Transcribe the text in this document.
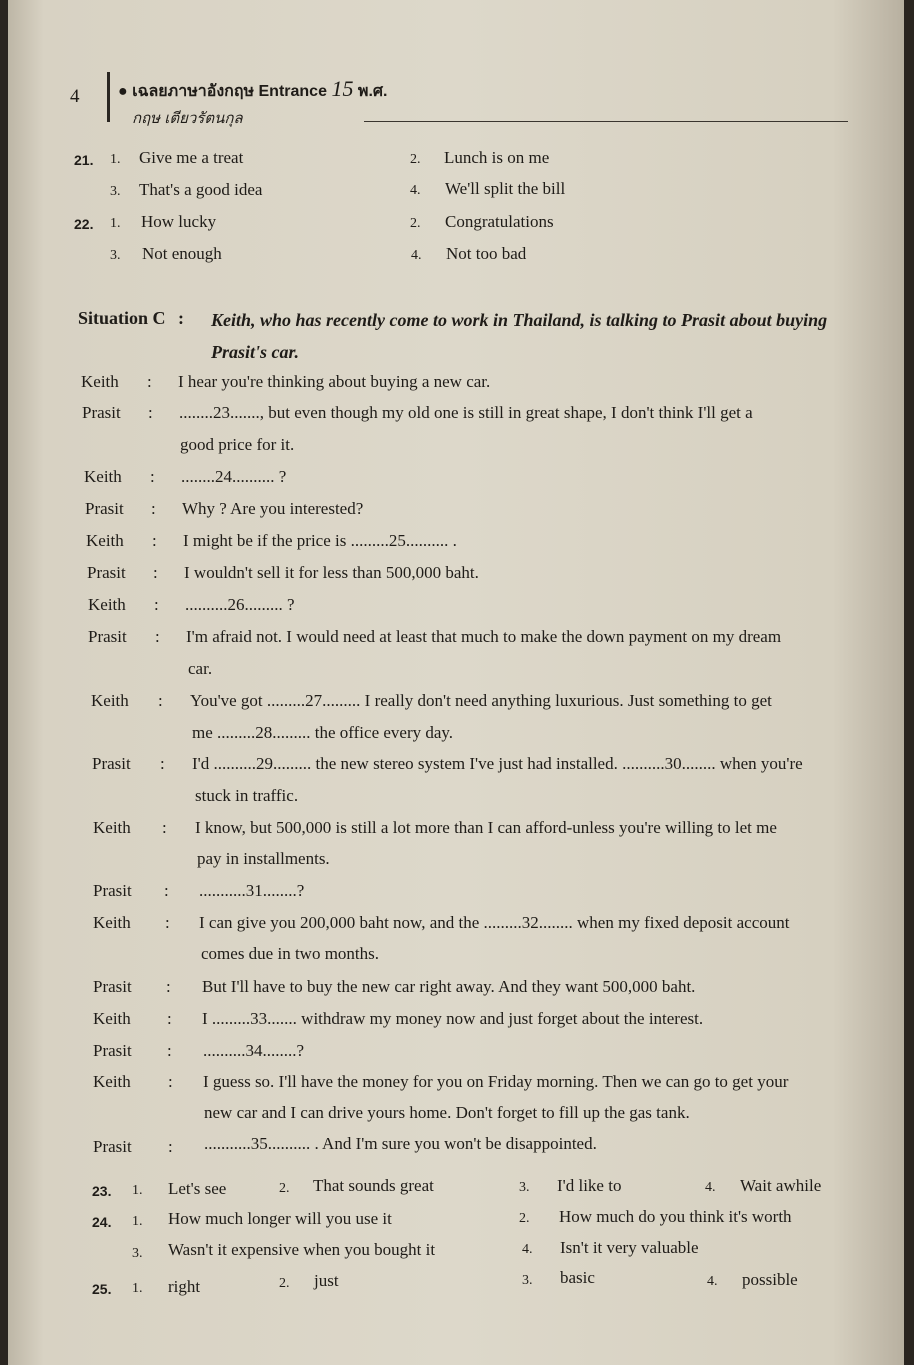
4 ● เฉลยภาษาอังกฤษ Entrance 15 พ.ศ.
กฤษ เตียวรัตนกุล
21. 1. Give me a treat	2. Lunch is on me
3. That's a good idea	4. We'll split the bill
22. 1. How lucky	2. Congratulations
3. Not enough	4. Not too bad
Situation C : Keith, who has recently come to work in Thailand, is talking to Prasit about buying Prasit's car.
Keith : I hear you're thinking about buying a new car.
Prasit : ........23......., but even though my old one is still in great shape, I don't think I'll get a
good price for it.
Keith : ........24.......... ?
Prasit : Why ? Are you interested?
Keith : I might be if the price is .........25.......... .
Prasit : I wouldn't sell it for less than 500,000 baht.
Keith : ..........26......... ?
Prasit : I'm afraid not. I would need at least that much to make the down payment on my dream
car.
Keith : You've got .........27......... I really don't need anything luxurious. Just something to get
me .........28......... the office every day.
Prasit : I'd ..........29......... the new stereo system I've just had installed. ..........30........ when you're
stuck in traffic.
Keith : I know, but 500,000 is still a lot more than I can afford-unless you're willing to let me
pay in installments.
Prasit : ...........31........?
Keith : I can give you 200,000 baht now, and the .........32........ when my fixed deposit account
comes due in two months.
Prasit : But I'll have to buy the new car right away. And they want 500,000 baht.
Keith : I .........33....... withdraw my money now and just forget about the interest.
Prasit : ..........34........?
Keith : I guess so. I'll have the money for you on Friday morning. Then we can go to get your
new car and I can drive yours home. Don't forget to fill up the gas tank.
Prasit : ...........35.......... . And I'm sure you won't be disappointed.
23. 1. Let's see	2. That sounds great	3. I'd like to	4. Wait awhile
24. 1. How much longer will you use it	2. How much do you think it's worth
3. Wasn't it expensive when you bought it	4. Isn't it very valuable
25. 1. right	2. just	3. basic	4. possible
